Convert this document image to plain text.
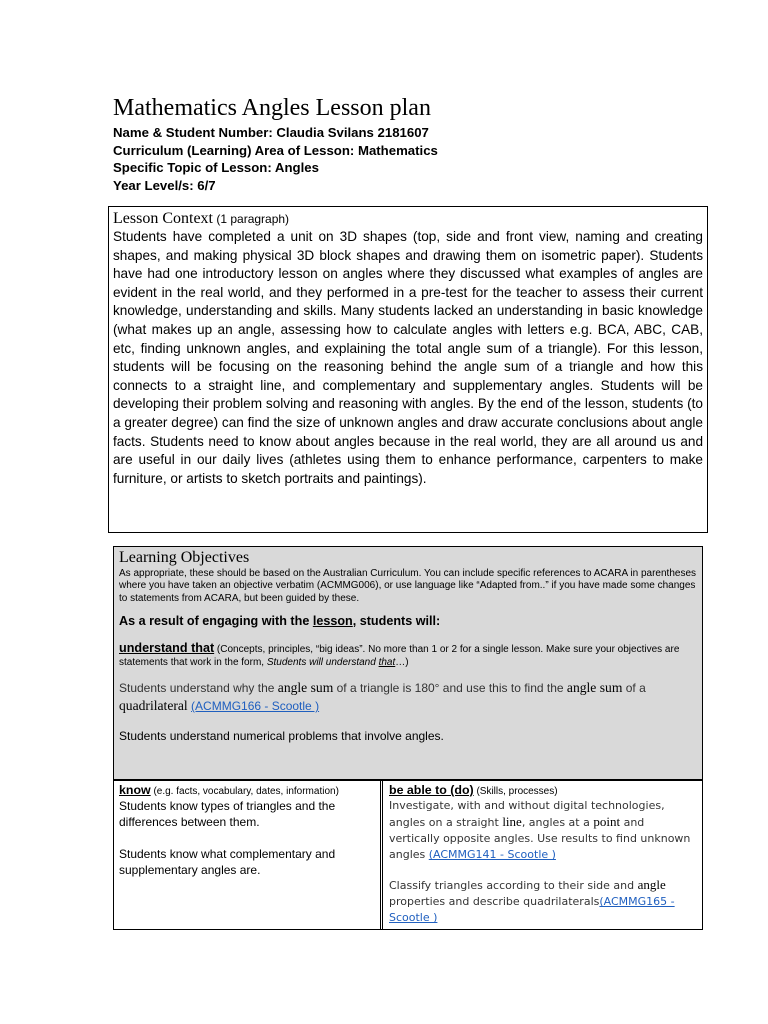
Mathematics Angles Lesson plan
Name & Student Number: Claudia Svilans 2181607
Curriculum (Learning) Area of Lesson: Mathematics
Specific Topic of Lesson: Angles
Year Level/s: 6/7
Lesson Context (1 paragraph)
Students have completed a unit on 3D shapes (top, side and front view, naming and creating shapes, and making physical 3D block shapes and drawing them on isometric paper). Students have had one introductory lesson on angles where they discussed what examples of angles are evident in the real world, and they performed in a pre-test for the teacher to assess their current knowledge, understanding and skills. Many students lacked an understanding in basic knowledge (what makes up an angle, assessing how to calculate angles with letters e.g. BCA, ABC, CAB, etc, finding unknown angles, and explaining the total angle sum of a triangle). For this lesson, students will be focusing on the reasoning behind the angle sum of a triangle and how this connects to a straight line, and complementary and supplementary angles. Students will be developing their problem solving and reasoning with angles. By the end of the lesson, students (to a greater degree) can find the size of unknown angles and draw accurate conclusions about angle facts. Students need to know about angles because in the real world, they are all around us and are useful in our daily lives (athletes using them to enhance performance, carpenters to make furniture, or artists to sketch portraits and paintings).
Learning Objectives
As appropriate, these should be based on the Australian Curriculum. You can include specific references to ACARA in parentheses where you have taken an objective verbatim (ACMMG006), or use language like “Adapted from..” if you have made some changes to statements from ACARA, but been guided by these.
As a result of engaging with the lesson, students will:
understand that (Concepts, principles, “big ideas”. No more than 1 or 2 for a single lesson. Make sure your objectives are statements that work in the form, Students will understand that…)
Students understand why the angle sum of a triangle is 180° and use this to find the angle sum of a quadrilateral (ACMMG166 - Scootle )
Students understand numerical problems that involve angles.
know (e.g. facts, vocabulary, dates, information)
Students know types of triangles and the differences between them.
Students know what complementary and supplementary angles are.
be able to (do) (Skills, processes)
Investigate, with and without digital technologies, angles on a straight line, angles at a point and vertically opposite angles. Use results to find unknown angles (ACMMG141 - Scootle )
Classify triangles according to their side and angle properties and describe quadrilaterals(ACMMG165 - Scootle )
